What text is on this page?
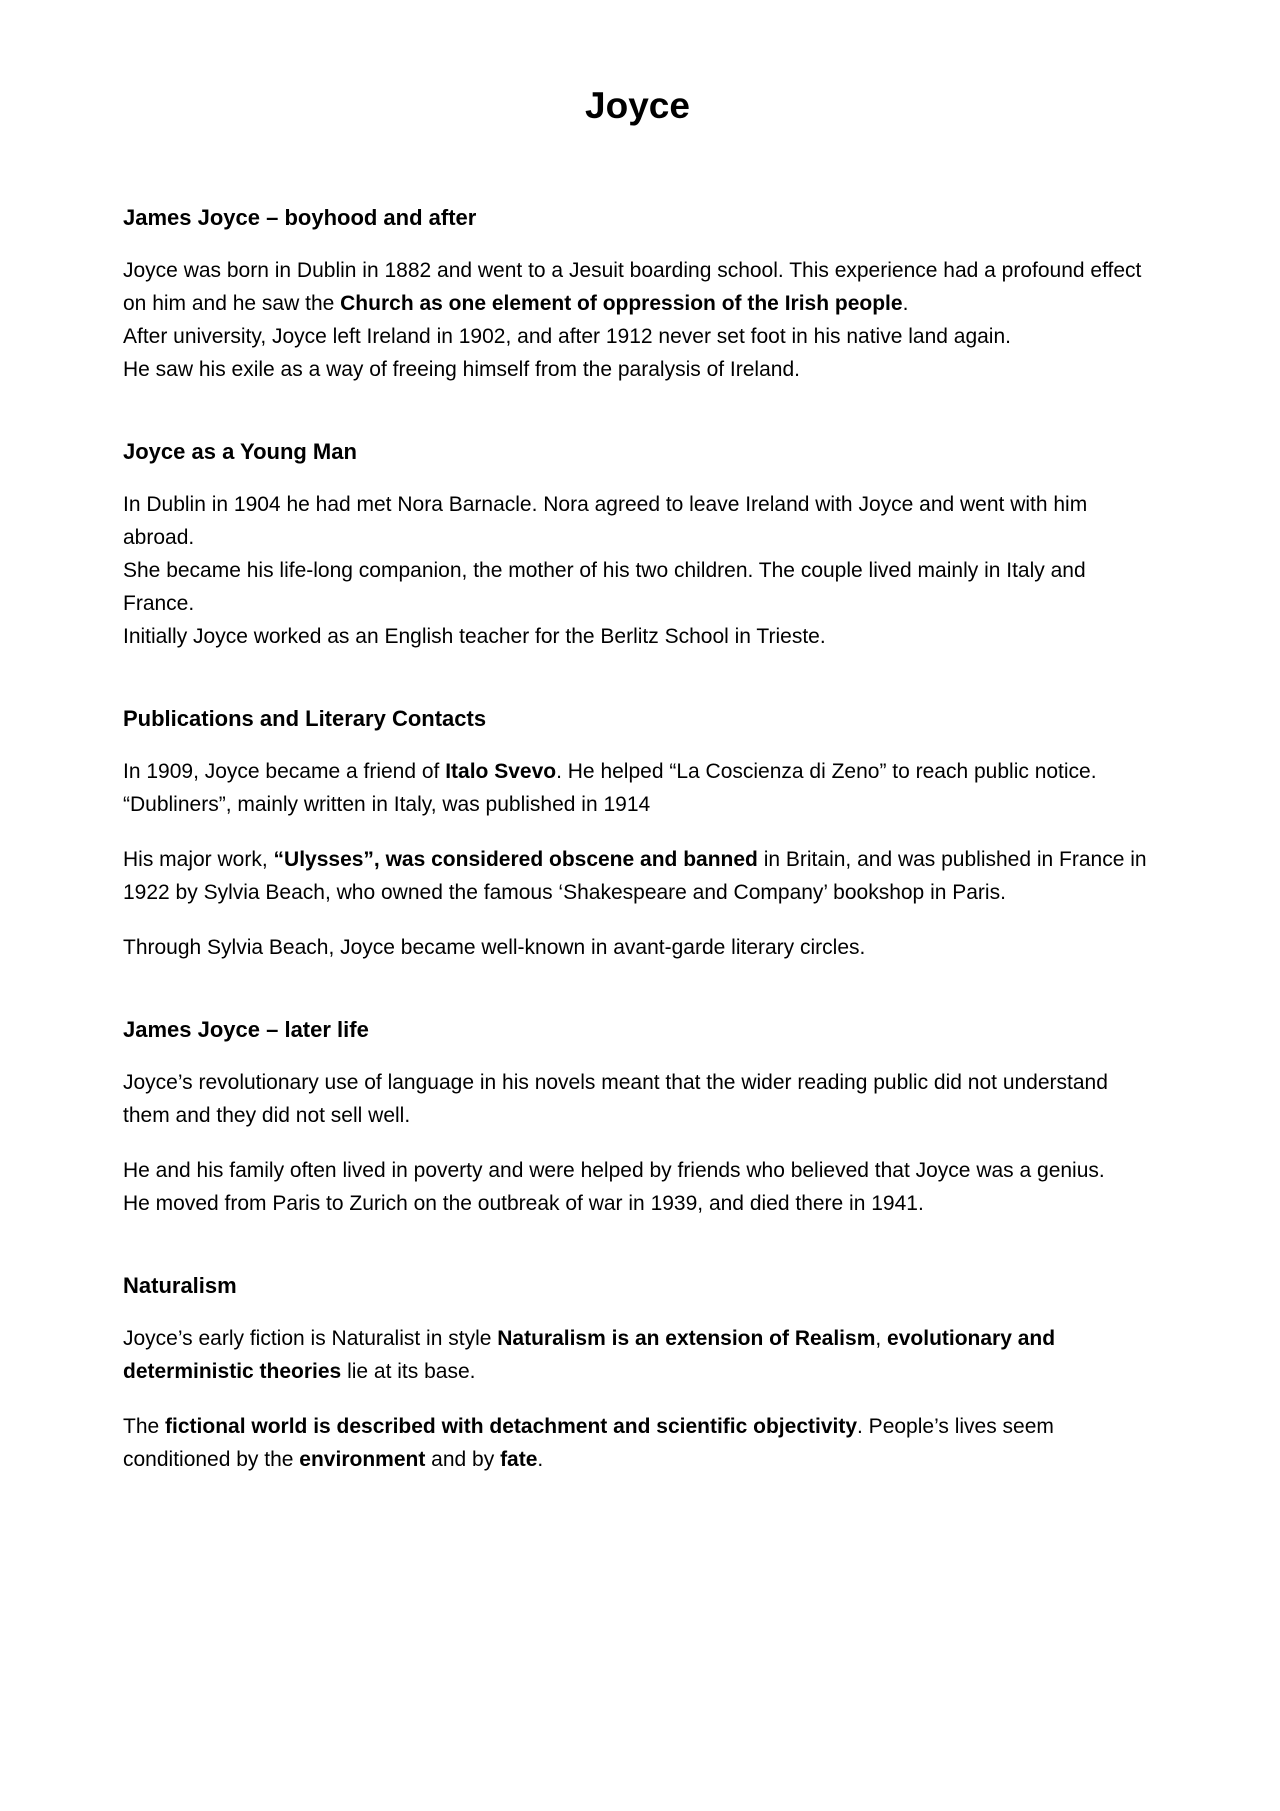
Joyce
James Joyce – boyhood and after
Joyce was born in Dublin in 1882 and went to a Jesuit boarding school. This experience had a profound effect on him and he saw the Church as one element of oppression of the Irish people.
After university, Joyce left Ireland in 1902, and after 1912 never set foot in his native land again.
He saw his exile as a way of freeing himself from the paralysis of Ireland.
Joyce as a Young Man
In Dublin in 1904 he had met Nora Barnacle. Nora agreed to leave Ireland with Joyce and went with him abroad.
She became his life-long companion, the mother of his two children. The couple lived mainly in Italy and France.
Initially Joyce worked as an English teacher for the Berlitz School in Trieste.
Publications and Literary Contacts
In 1909, Joyce became a friend of Italo Svevo. He helped “La Coscienza di Zeno” to reach public notice.
“Dubliners”, mainly written in Italy, was published in 1914
His major work, “Ulysses”, was considered obscene and banned in Britain, and was published in France in 1922 by Sylvia Beach, who owned the famous ‘Shakespeare and Company’ bookshop in Paris.
Through Sylvia Beach, Joyce became well-known in avant-garde literary circles.
James Joyce – later life
Joyce’s revolutionary use of language in his novels meant that the wider reading public did not understand them and they did not sell well.
He and his family often lived in poverty and were helped by friends who believed that Joyce was a genius.
He moved from Paris to Zurich on the outbreak of war in 1939, and died there in 1941.
Naturalism
Joyce’s early fiction is Naturalist in style Naturalism is an extension of Realism, evolutionary and deterministic theories lie at its base.
The fictional world is described with detachment and scientific objectivity. People’s lives seem conditioned by the environment and by fate.
